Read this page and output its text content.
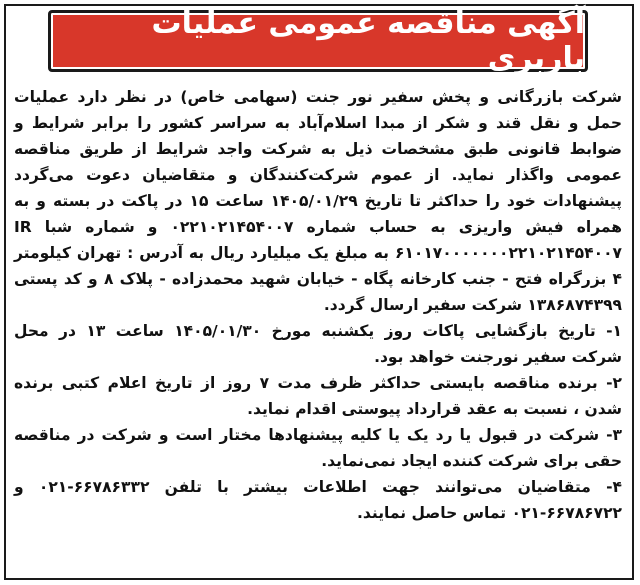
آگهی مناقصه عمومی عملیات باربری

شرکت بازرگانی و پخش سفیر نور جنت (سهامی خاص) در نظر دارد عملیات حمل و نقل قند و شکر از مبدا اسلام‌آباد به سراسر کشور را برابر شرایط و ضوابط قانونی طبق مشخصات ذیل به شرکت واجد شرایط از طریق مناقصه عمومی واگذار نماید. از عموم شرکت‌کنندگان و متقاضیان دعوت می‌گردد پیشنهادات خود را حداکثر تا تاریخ ۱۴۰۵/۰۱/۲۹ ساعت ۱۵ در پاکت در بسته و به همراه فیش واریزی به حساب شماره ۰۲۲۱۰۲۱۴۵۴۰۰۷ و شماره شبا IR ۶۱۰۱۷۰۰۰۰۰۰۰۲۲۱۰۲۱۴۵۴۰۰۷ به مبلغ یک میلیارد ریال به آدرس : تهران کیلومتر ۴ بزرگراه فتح - جنب کارخانه پگاه - خیابان شهید محمدزاده - پلاک ۸ و کد پستی ۱۳۸۶۸۷۴۳۹۹ شرکت سفیر ارسال گردد.

۱- تاریخ بازگشایی پاکات روز یکشنبه مورخ ۱۴۰۵/۰۱/۳۰ ساعت ۱۳ در محل شرکت سفیر نورجنت خواهد بود.

۲- برنده مناقصه بایستی حداکثر ظرف مدت ۷ روز از تاریخ اعلام کتبی برنده شدن ، نسبت به عقد قرارداد پیوستی اقدام نماید.

۳- شرکت در قبول یا رد یک یا کلیه پیشنهادها مختار است و شرکت در مناقصه حقی برای شرکت کننده ایجاد نمی‌نماید.

۴- متقاضیان می‌توانند جهت اطلاعات بیشتر با تلفن ۶۶۷۸۶۳۳۲-۰۲۱ و ۶۶۷۸۶۷۲۲-۰۲۱ تماس حاصل نمایند.
